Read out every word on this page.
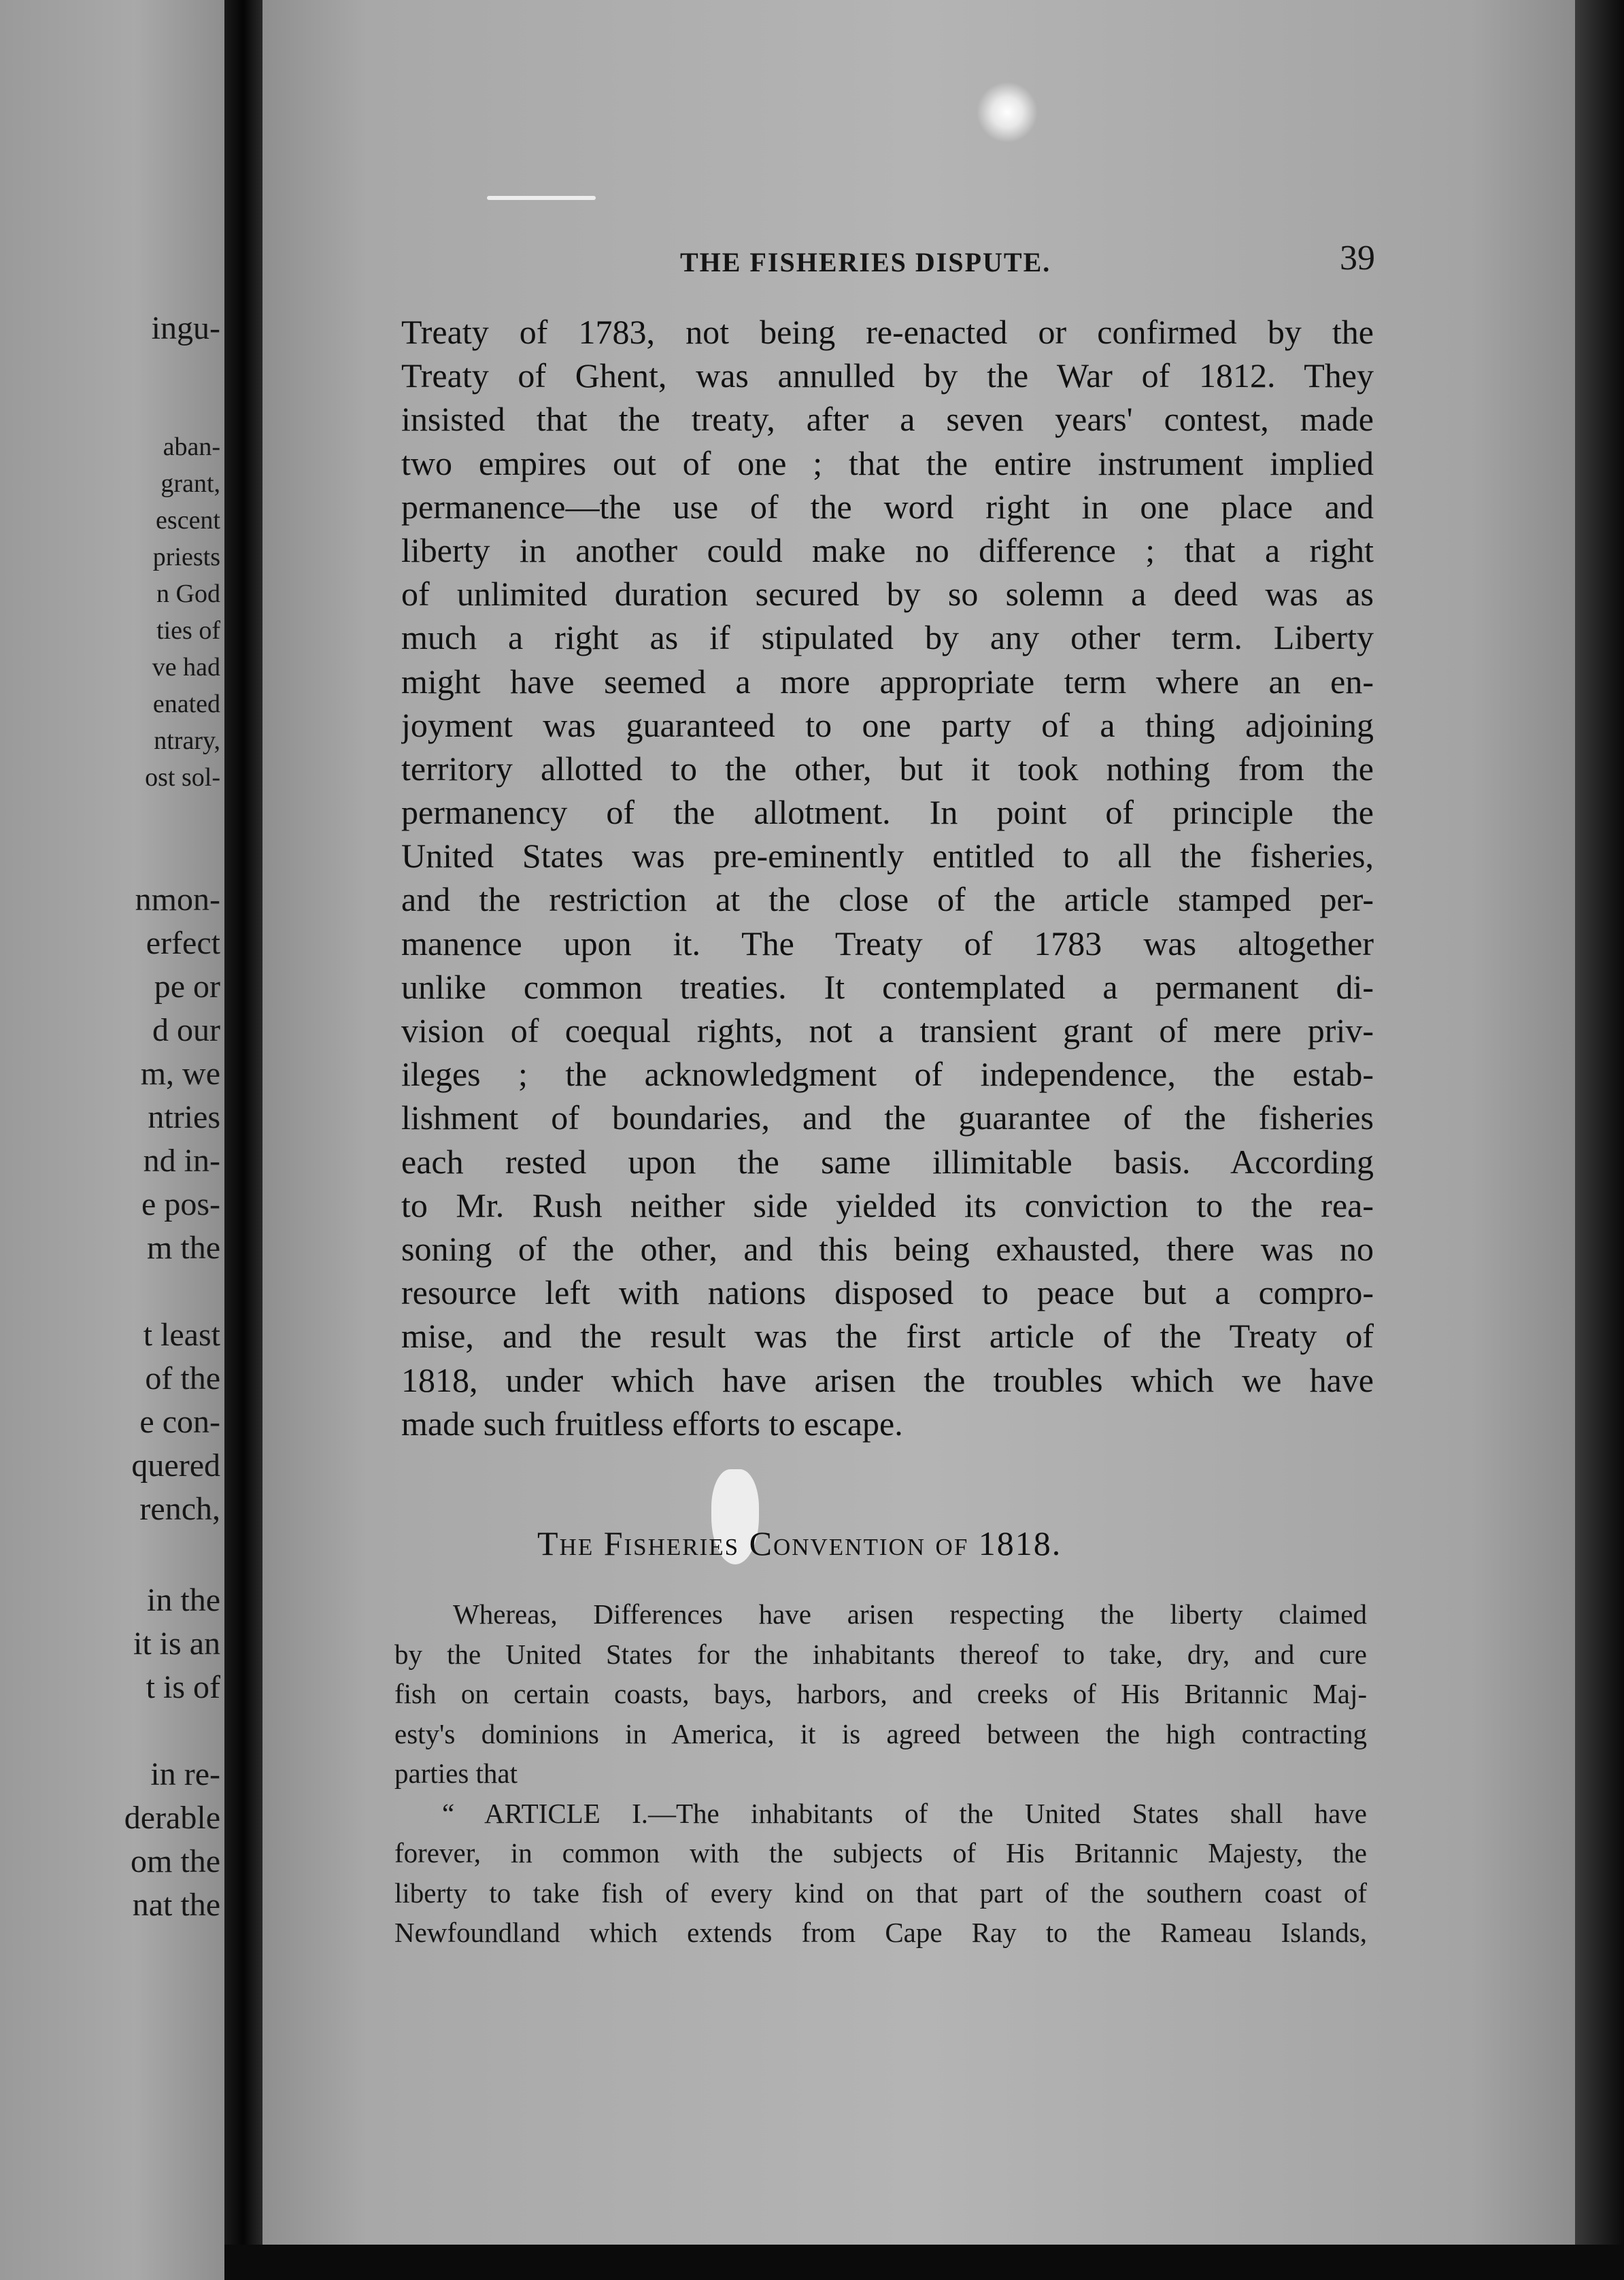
ingu-
aban-
grant,
escent
priests
n God
ties of
ve had
enated
ntrary,
ost sol-
nmon-
erfect
pe or
d our
m, we
ntries
nd in-
e pos-
m the
t least
of the
e con-
quered
rench,
in the
it is an
t is of
in re-
derable
om the
nat the
THE FISHERIES DISPUTE.	39
Treaty of 1783, not being re-enacted or confirmed by the
Treaty of Ghent, was annulled by the War of 1812. They
insisted that the treaty, after a seven years' contest, made
two empires out of one ; that the entire instrument implied
permanence—the use of the word right in one place and
liberty in another could make no difference ; that a right
of unlimited duration secured by so solemn a deed was as
much a right as if stipulated by any other term. Liberty
might have seemed a more appropriate term where an en-
joyment was guaranteed to one party of a thing adjoining
territory allotted to the other, but it took nothing from the
permanency of the allotment. In point of principle the
United States was pre-eminently entitled to all the fisheries,
and the restriction at the close of the article stamped per-
manence upon it. The Treaty of 1783 was altogether
unlike common treaties. It contemplated a permanent di-
vision of coequal rights, not a transient grant of mere priv-
ileges ; the acknowledgment of independence, the estab-
lishment of boundaries, and the guarantee of the fisheries
each rested upon the same illimitable basis. According
to Mr. Rush neither side yielded its conviction to the rea-
soning of the other, and this being exhausted, there was no
resource left with nations disposed to peace but a compro-
mise, and the result was the first article of the Treaty of
1818, under which have arisen the troubles which we have
made such fruitless efforts to escape.
The Fisheries Convention of 1818.
Whereas, Differences have arisen respecting the liberty claimed
by the United States for the inhabitants thereof to take, dry, and cure
fish on certain coasts, bays, harbors, and creeks of His Britannic Maj-
esty's dominions in America, it is agreed between the high contracting
parties that
“ ARTICLE I.—The inhabitants of the United States shall have
forever, in common with the subjects of His Britannic Majesty, the
liberty to take fish of every kind on that part of the southern coast of
Newfoundland which extends from Cape Ray to the Rameau Islands,
